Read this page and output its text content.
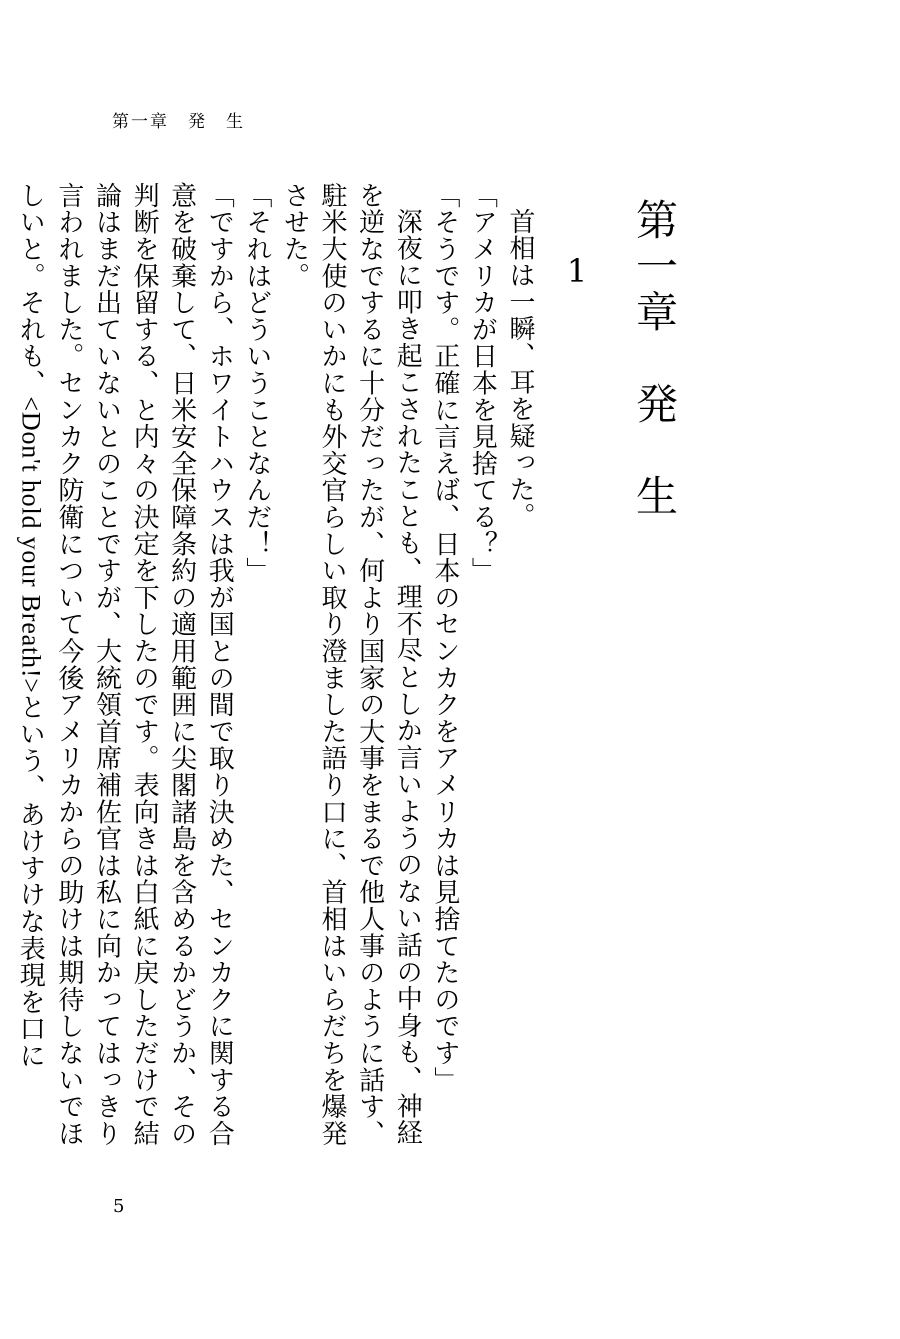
第一章　発　生
第一章　発　生
1

首相は一瞬、耳を疑った。

「アメリカが日本を見捨てる？」

「そうです。正確に言えば、日本のセンカクをアメリカは見捨てたのです」

深夜に叩き起こされたことも、理不尽としか言いようのない話の中身も、神経を逆なでするに十分だったが、何より国家の大事をまるで他人事のように話す、駐米大使のいかにも外交官らしい取り澄ました語り口に、首相はいらだちを爆発させた。

「それはどういうことなんだ！」

「ですから、ホワイトハウスは我が国との間で取り決めた、センカクに関する合意を破棄して、日米安全保障条約の適用範囲に尖閣諸島を含めるかどうか、その判断を保留する、と内々の決定を下したのです。表向きは白紙に戻しただけで結論はまだ出ていないとのことですが、大統領首席補佐官は私に向かってはっきり言われました。センカク防衛について今後アメリカからの助けは期待しないでほしいと。それも、<Don't hold your Breath!>という、あけすけな表現を口に

5
